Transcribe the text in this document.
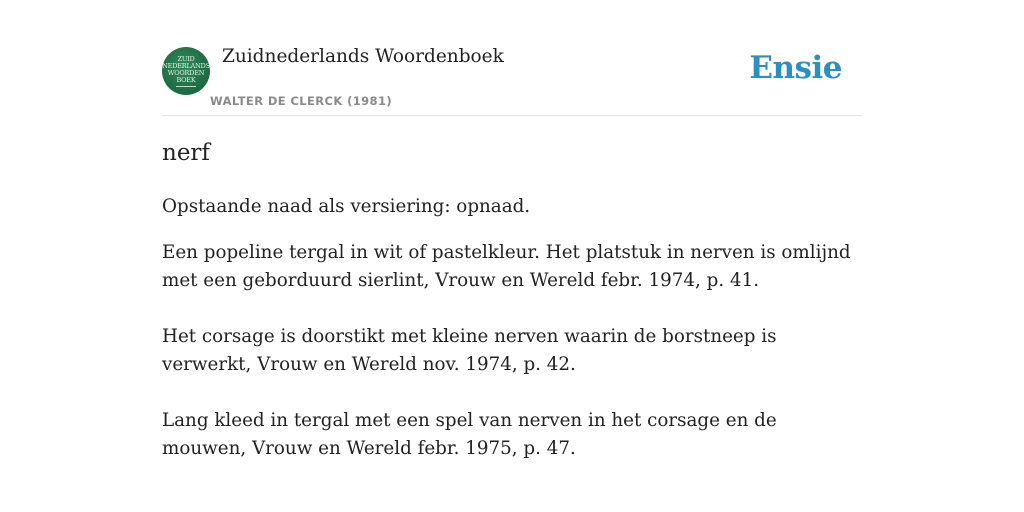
ZUID
NEDERLANDS
WOORDEN
BOEK
Zuidnederlands Woordenboek
WALTER DE CLERCK (1981)
Ensie
nerf
Opstaande naad als versiering: opnaad.

Een popeline tergal in wit of pastelkleur. Het platstuk in nerven is omlijnd met een geborduurd sierlint, Vrouw en Wereld febr. 1974, p. 41.

Het corsage is doorstikt met kleine nerven waarin de borstneep is verwerkt, Vrouw en Wereld nov. 1974, p. 42.

Lang kleed in tergal met een spel van nerven in het corsage en de mouwen, Vrouw en Wereld febr. 1975, p. 47.
